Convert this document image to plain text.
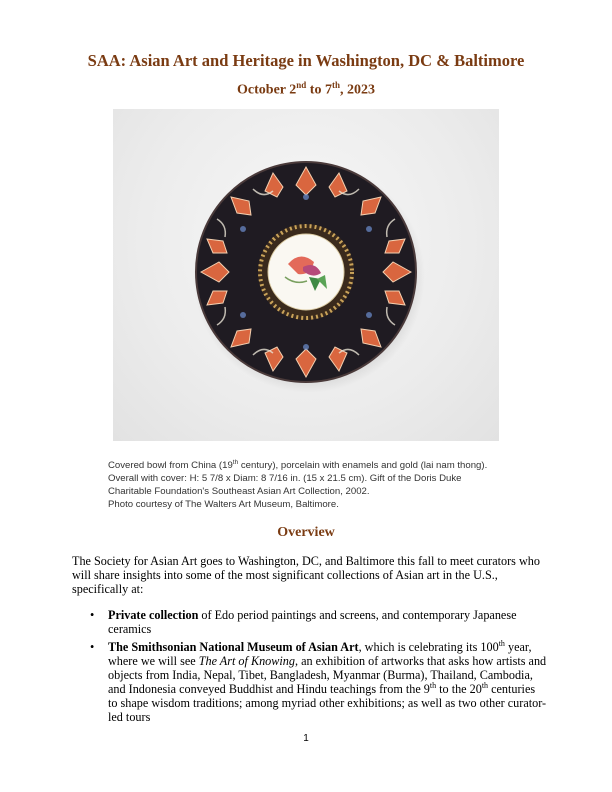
SAA: Asian Art and Heritage in Washington, DC & Baltimore
October 2nd to 7th, 2023
Covered bowl from China (19th century), porcelain with enamels and gold (lai nam thong).
Overall with cover: H: 5 7/8 x Diam: 8 7/16 in. (15 x 21.5 cm). Gift of the Doris Duke
Charitable Foundation's Southeast Asian Art Collection, 2002.
Photo courtesy of The Walters Art Museum, Baltimore.
Overview
The Society for Asian Art goes to Washington, DC, and Baltimore this fall to meet curators who
will share insights into some of the most significant collections of Asian art in the U.S.,
specifically at:
• Private collection of Edo period paintings and screens, and contemporary Japanese
ceramics
• The Smithsonian National Museum of Asian Art, which is celebrating its 100th year,
where we will see The Art of Knowing, an exhibition of artworks that asks how artists and
objects from India, Nepal, Tibet, Bangladesh, Myanmar (Burma), Thailand, Cambodia,
and Indonesia conveyed Buddhist and Hindu teachings from the 9th to the 20th centuries
to shape wisdom traditions; among myriad other exhibitions; as well as two other curator-
led tours
1
